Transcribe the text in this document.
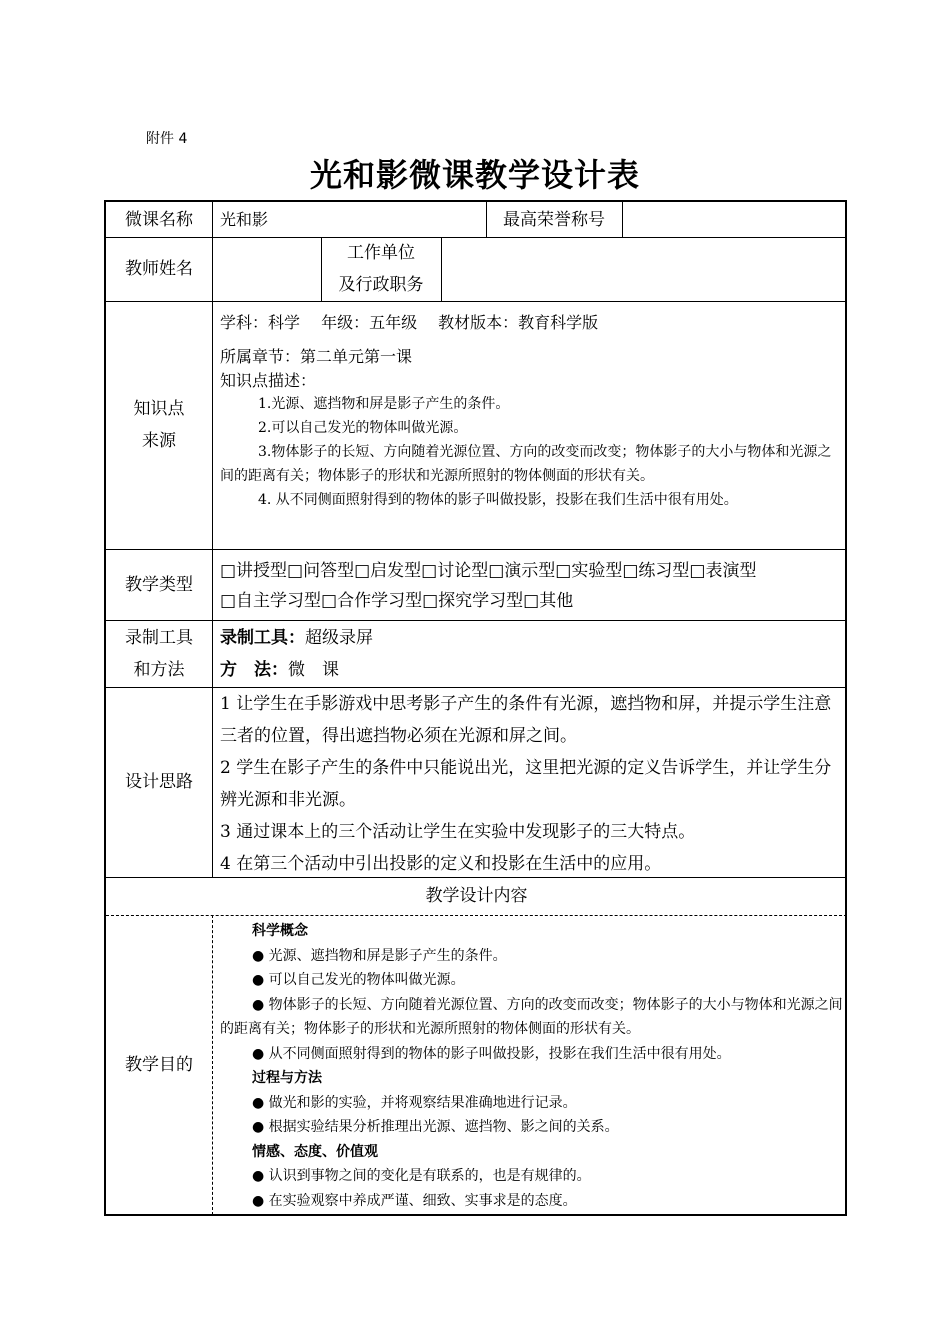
附件 4
光和影微课教学设计表
微课名称	光和影	最高荣誉称号
教师姓名
工作单位
及行政职务
知识点
来源
学科：科学　 年级：五年级　 教材版本：教育科学版
所属章节：第二单元第一课
知识点描述：
1.光源、遮挡物和屏是影子产生的条件。
2.可以自己发光的物体叫做光源。
3.物体影子的长短、方向随着光源位置、方向的改变而改变；物体影子的大小与物体和光源之间的距离有关；物体影子的形状和光源所照射的物体侧面的形状有关。
4. 从不同侧面照射得到的物体的影子叫做投影，投影在我们生活中很有用处。
教学类型
□讲授型□问答型□启发型□讨论型□演示型□实验型□练习型□表演型
□自主学习型□合作学习型□探究学习型□其他
录制工具
和方法
录制工具：超级录屏
方　法：微　课
设计思路
1 让学生在手影游戏中思考影子产生的条件有光源，遮挡物和屏，并提示学生注意三者的位置，得出遮挡物必须在光源和屏之间。
2 学生在影子产生的条件中只能说出光，这里把光源的定义告诉学生，并让学生分辨光源和非光源。
3 通过课本上的三个活动让学生在实验中发现影子的三大特点。
4 在第三个活动中引出投影的定义和投影在生活中的应用。
教学设计内容
教学目的
科学概念
● 光源、遮挡物和屏是影子产生的条件。
● 可以自己发光的物体叫做光源。
● 物体影子的长短、方向随着光源位置、方向的改变而改变；物体影子的大小与物体和光源之间的距离有关；物体影子的形状和光源所照射的物体侧面的形状有关。
● 从不同侧面照射得到的物体的影子叫做投影，投影在我们生活中很有用处。
过程与方法
● 做光和影的实验，并将观察结果准确地进行记录。
● 根据实验结果分析推理出光源、遮挡物、影之间的关系。
情感、态度、价值观
● 认识到事物之间的变化是有联系的，也是有规律的。
● 在实验观察中养成严谨、细致、实事求是的态度。
